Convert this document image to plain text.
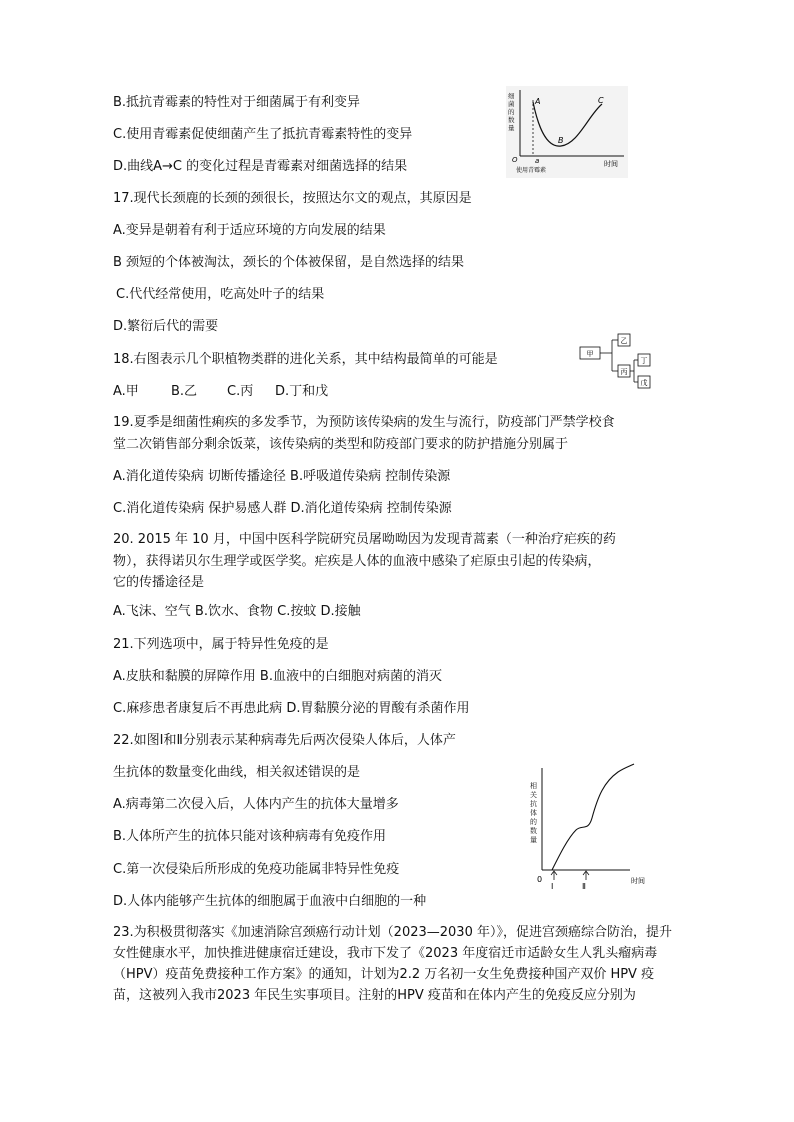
B.抵抗青霉素的特性对于细菌属于有利变异

C.使用青霉素促使细菌产生了抵抗青霉素特性的变异

D.曲线A→C 的变化过程是青霉素对细菌选择的结果

细
菌
的
数
量
O a
使用青霉素
时间
A
B
C

17.现代长颈鹿的长颈的颈很长，按照达尔文的观点，其原因是

A.变异是朝着有利于适应环境的方向发展的结果

B 颈短的个体被淘汰，颈长的个体被保留，是自然选择的结果

C.代代经常使用，吃高处叶子的结果

D.繁衍后代的需要

18.右图表示几个职植物类群的进化关系，其中结构最简单的可能是

A.甲 B.乙 C.丙 D.丁和戊

甲
乙
丙
丁
戊

19.夏季是细菌性痢疾的多发季节，为预防该传染病的发生与流行，防疫部门严禁学校食

堂二次销售部分剩余饭菜，该传染病的类型和防疫部门要求的防护措施分别属于

A.消化道传染病 切断传播途径 B.呼吸道传染病 控制传染源

C.消化道传染病 保护易感人群 D.消化道传染病 控制传染源

20. 2015 年 10 月，中国中医科学院研究员屠呦呦因为发现青蒿素（一种治疗疟疾的药

物），获得诺贝尔生理学或医学奖。疟疾是人体的血液中感染了疟原虫引起的传染病，

它的传播途径是

A.飞沫、空气 B.饮水、食物 C.按蚊 D.接触

21.下列选项中，属于特异性免疫的是

A.皮肤和黏膜的屏障作用 B.血液中的白细胞对病菌的消灭

C.麻疹患者康复后不再患此病 D.胃黏膜分泌的胃酸有杀菌作用

22.如图Ⅰ和Ⅱ分别表示某种病毒先后两次侵染人体后，人体产

生抗体的数量变化曲线，相关叙述错误的是

A.病毒第二次侵入后，人体内产生的抗体大量增多

B.人体所产生的抗体只能对该种病毒有免疫作用

C.第一次侵染后所形成的免疫功能属非特异性免疫

D.人体内能够产生抗体的细胞属于血液中白细胞的一种

相
关
抗
体
的
数
量
0	时间
Ⅰ	Ⅱ

23.为积极贯彻落实《加速消除宫颈癌行动计划（2023—2030 年）》，促进宫颈癌综合防治，提升女性健康水平，加快推进健康宿迁建设，我市下发了《2023 年度宿迁市适龄女生人乳头瘤病毒（HPV）疫苗免费接种工作方案》的通知，计划为2.2 万名初一女生免费接种国产双价 HPV 疫苗，这被列入我市2023 年民生实事项目。注射的HPV 疫苗和在体内产生的免疫反应分别为
